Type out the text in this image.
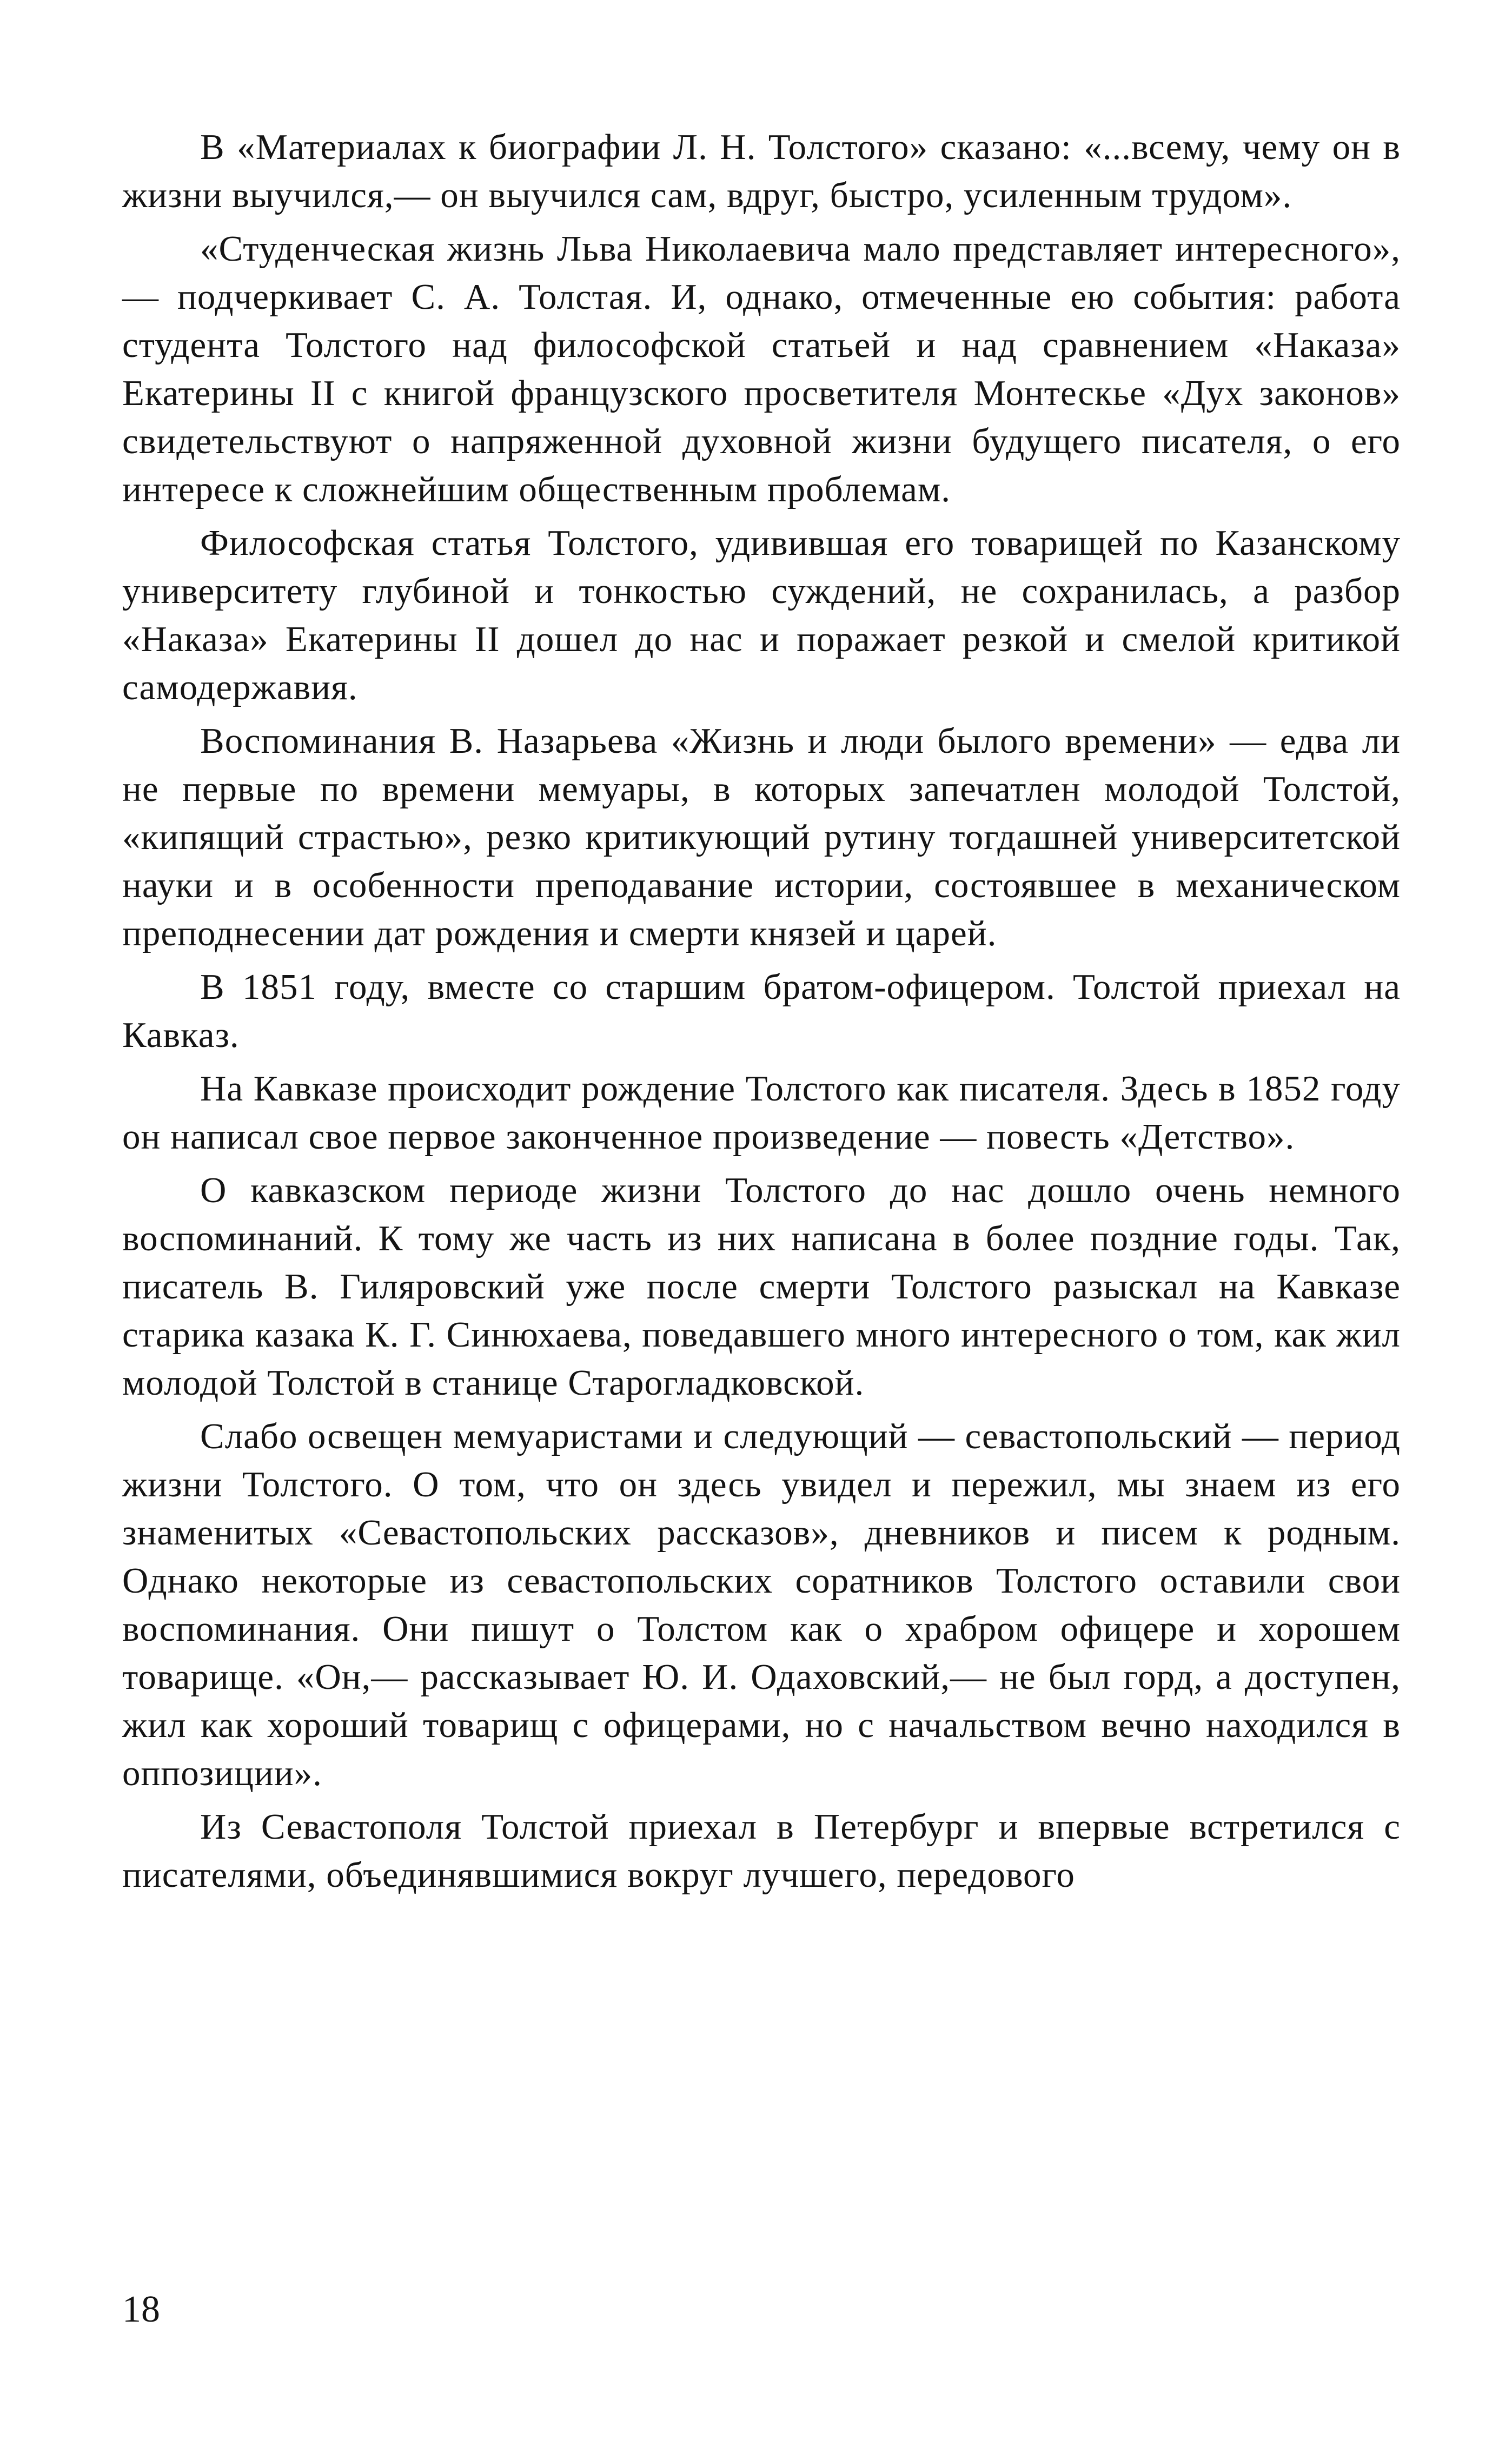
В «Материалах к биографии Л. Н. Толстого» сказано: «...всему, чему он в жизни выучился,— он выучился сам, вдруг, быстро, усиленным трудом».

«Студенческая жизнь Льва Николаевича мало представляет интересного»,— подчеркивает С. А. Толстая. И, однако, отмеченные ею события: работа студента Толстого над философской статьей и над сравнением «Наказа» Екатерины II с книгой французского просветителя Монтескье «Дух законов» свидетельствуют о напряженной духовной жизни будущего писателя, о его интересе к сложнейшим общественным проблемам.

Философская статья Толстого, удивившая его товарищей по Казанскому университету глубиной и тонкостью суждений, не сохранилась, а разбор «Наказа» Екатерины II дошел до нас и поражает резкой и смелой критикой самодержавия.

Воспоминания В. Назарьева «Жизнь и люди былого времени» — едва ли не первые по времени мемуары, в которых запечатлен молодой Толстой, «кипящий страстью», резко критикующий рутину тогдашней университетской науки и в особенности преподавание истории, состоявшее в механическом преподнесении дат рождения и смерти князей и царей.

В 1851 году, вместе со старшим братом-офицером. Толстой приехал на Кавказ.

На Кавказе происходит рождение Толстого как писателя. Здесь в 1852 году он написал свое первое законченное произведение — повесть «Детство».

О кавказском периоде жизни Толстого до нас дошло очень немного воспоминаний. К тому же часть из них написана в более поздние годы. Так, писатель В. Гиляровский уже после смерти Толстого разыскал на Кавказе старика казака К. Г. Синюхаева, поведавшего много интересного о том, как жил молодой Толстой в станице Старогладковской.

Слабо освещен мемуаристами и следующий — севастопольский — период жизни Толстого. О том, что он здесь увидел и пережил, мы знаем из его знаменитых «Севастопольских рассказов», дневников и писем к родным. Однако некоторые из севастопольских соратников Толстого оставили свои воспоминания. Они пишут о Толстом как о храбром офицере и хорошем товарище. «Он,— рассказывает Ю. И. Одаховский,— не был горд, а доступен, жил как хороший товарищ с офицерами, но с начальством вечно находился в оппозиции».

Из Севастополя Толстой приехал в Петербург и впервые встретился с писателями, объединявшимися вокруг лучшего, передового

18
